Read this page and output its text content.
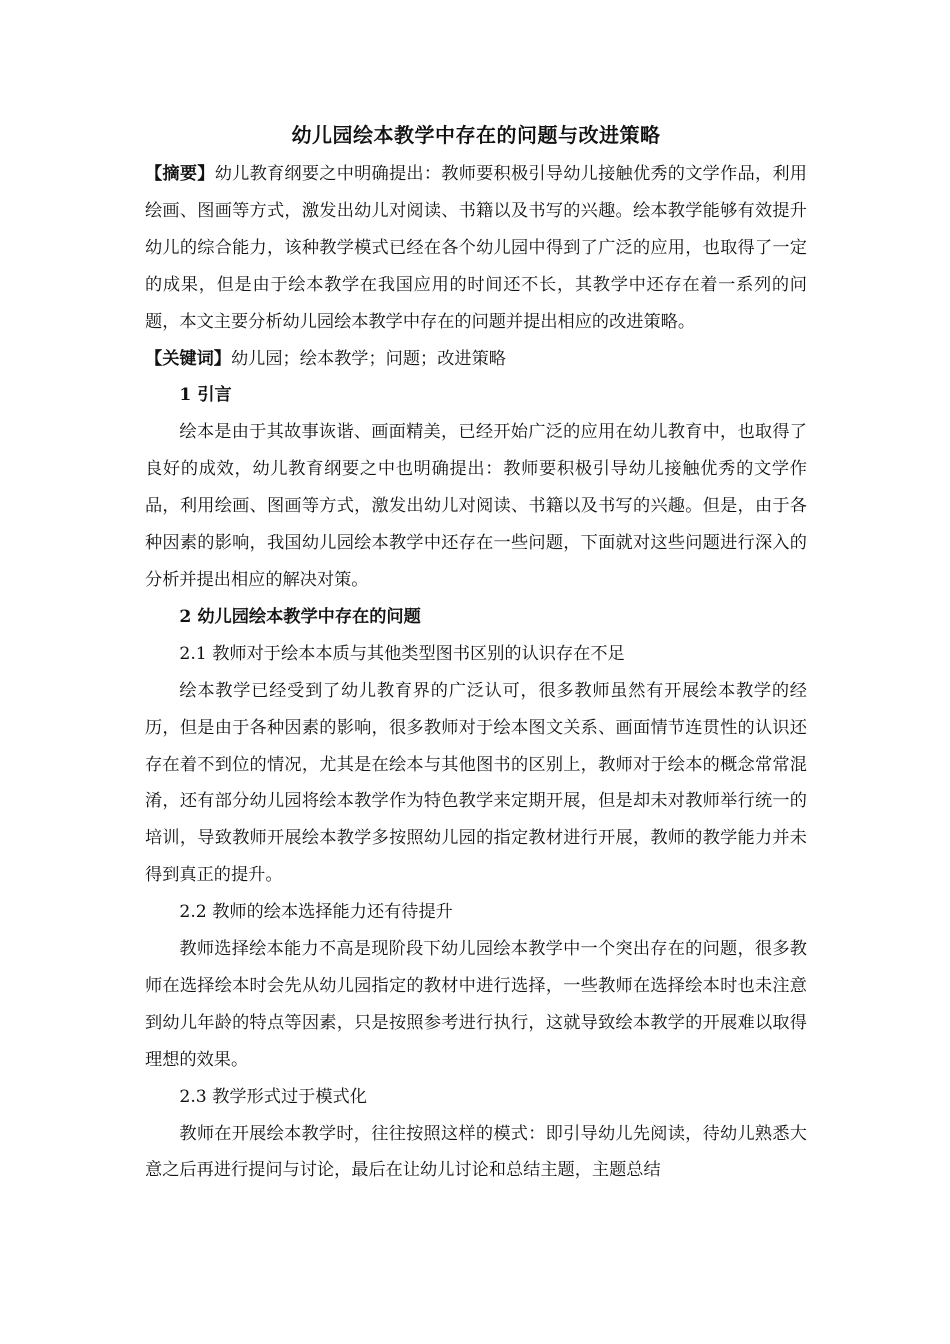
幼儿园绘本教学中存在的问题与改进策略

【摘要】幼儿教育纲要之中明确提出：教师要积极引导幼儿接触优秀的文学作品，利用绘画、图画等方式，激发出幼儿对阅读、书籍以及书写的兴趣。绘本教学能够有效提升幼儿的综合能力，该种教学模式已经在各个幼儿园中得到了广泛的应用，也取得了一定的成果，但是由于绘本教学在我国应用的时间还不长，其教学中还存在着一系列的问题，本文主要分析幼儿园绘本教学中存在的问题并提出相应的改进策略。

【关键词】幼儿园；绘本教学；问题；改进策略

1 引言

绘本是由于其故事诙谐、画面精美，已经开始广泛的应用在幼儿教育中，也取得了良好的成效，幼儿教育纲要之中也明确提出：教师要积极引导幼儿接触优秀的文学作品，利用绘画、图画等方式，激发出幼儿对阅读、书籍以及书写的兴趣。但是，由于各种因素的影响，我国幼儿园绘本教学中还存在一些问题，下面就对这些问题进行深入的分析并提出相应的解决对策。

2 幼儿园绘本教学中存在的问题

2.1 教师对于绘本本质与其他类型图书区别的认识存在不足

绘本教学已经受到了幼儿教育界的广泛认可，很多教师虽然有开展绘本教学的经历，但是由于各种因素的影响，很多教师对于绘本图文关系、画面情节连贯性的认识还存在着不到位的情况，尤其是在绘本与其他图书的区别上，教师对于绘本的概念常常混淆，还有部分幼儿园将绘本教学作为特色教学来定期开展，但是却未对教师举行统一的培训，导致教师开展绘本教学多按照幼儿园的指定教材进行开展，教师的教学能力并未得到真正的提升。

2.2 教师的绘本选择能力还有待提升

教师选择绘本能力不高是现阶段下幼儿园绘本教学中一个突出存在的问题，很多教师在选择绘本时会先从幼儿园指定的教材中进行选择，一些教师在选择绘本时也未注意到幼儿年龄的特点等因素，只是按照参考进行执行，这就导致绘本教学的开展难以取得理想的效果。

2.3 教学形式过于模式化

教师在开展绘本教学时，往往按照这样的模式：即引导幼儿先阅读，待幼儿熟悉大意之后再进行提问与讨论，最后在让幼儿讨论和总结主题，主题总结
